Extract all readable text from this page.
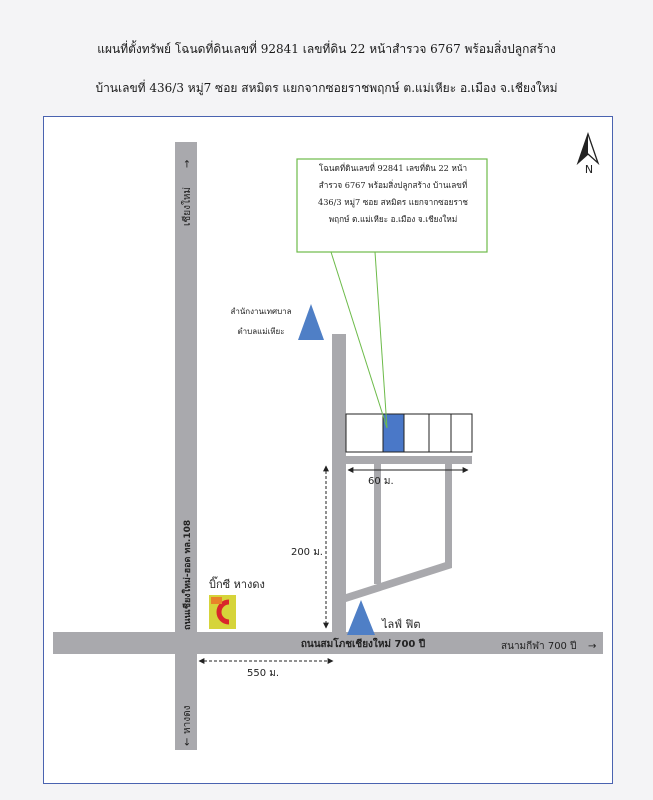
แผนที่ตั้งทรัพย์ โฉนดที่ดินเลขที่ 92841 เลขที่ดิน 22 หน้าสำรวจ 6767 พร้อมสิ่งปลูกสร้าง
บ้านเลขที่ 436/3 หมู่7 ซอย สหมิตร แยกจากซอยราชพฤกษ์ ต.แม่เหียะ อ.เมือง จ.เชียงใหม่
N
สำนักงานเทศบาล
ตำบลแม่เหียะ
ไลฟ์ ฟิต
บิ๊กซี หางดง
เชียงใหม่
→
ถนนเชียงใหม่-ฮอด ทล.108
หางดง
←
ถนนสมโภชเชียงใหม่ 700 ปี	สนามกีฬา 700 ปี →
60 ม.
200 ม.
550 ม.
โฉนดที่ดินเลขที่ 92841 เลขที่ดิน 22 หน้า
สำรวจ 6767 พร้อมสิ่งปลูกสร้าง บ้านเลขที่
436/3 หมู่7 ซอย สหมิตร แยกจากซอยราช
พฤกษ์ ต.แม่เหียะ อ.เมือง จ.เชียงใหม่
